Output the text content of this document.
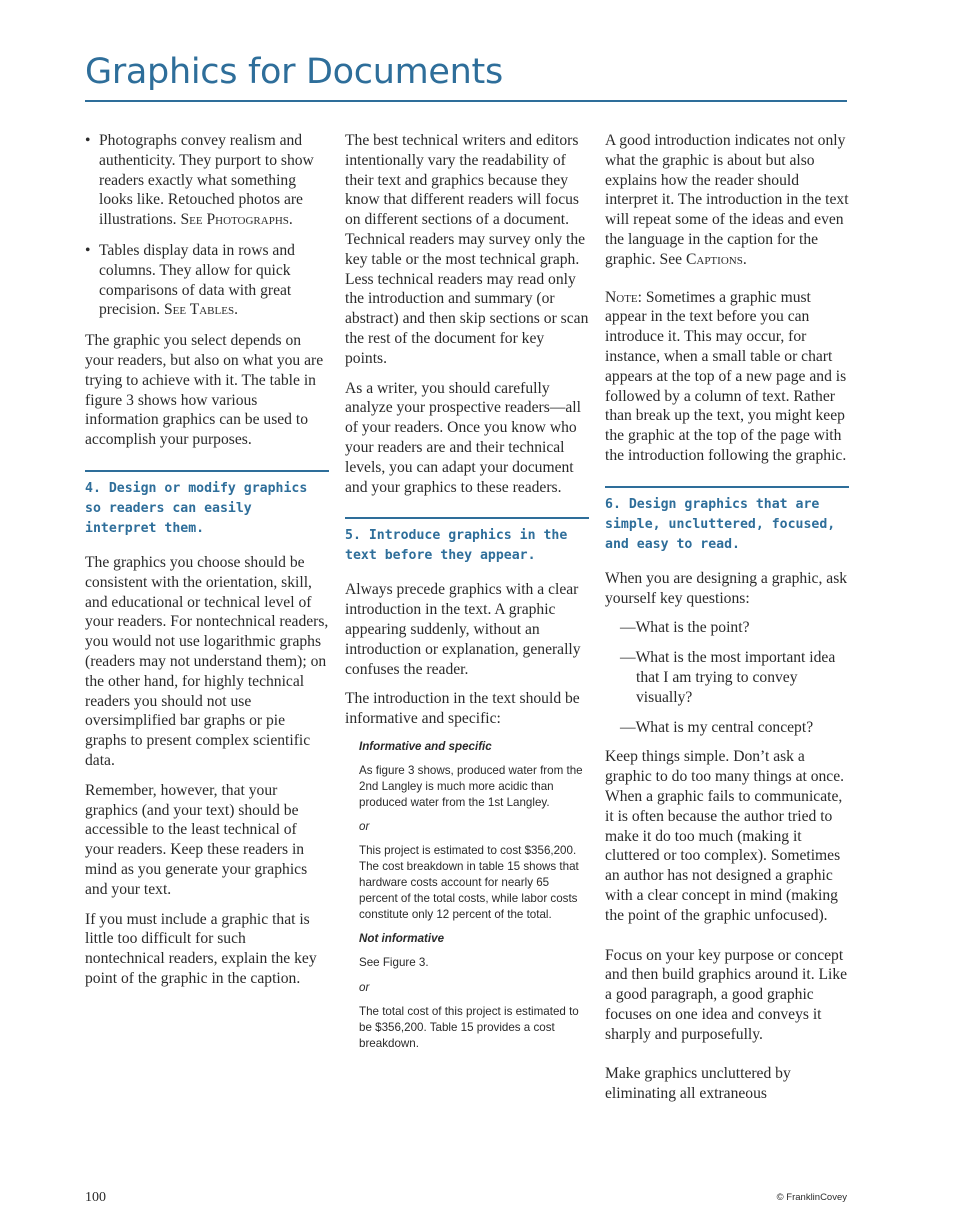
Graphics for Documents
• Photographs convey realism and authenticity. They purport to show readers exactly what something looks like. Retouched photos are illustrations. See Photographs.
• Tables display data in rows and columns. They allow for quick comparisons of data with great precision. See Tables.

The graphic you select depends on your readers, but also on what you are trying to achieve with it. The table in figure 3 shows how various information graphics can be used to accomplish your purposes.

4. Design or modify graphics so readers can easily interpret them.

The graphics you choose should be consistent with the orientation, skill, and educational or technical level of your readers. For nontechnical readers, you would not use logarithmic graphs (readers may not understand them); on the other hand, for highly technical readers you should not use oversimplified bar graphs or pie graphs to present complex scientific data.

Remember, however, that your graphics (and your text) should be accessible to the least technical of your readers. Keep these readers in mind as you generate your graphics and your text.

If you must include a graphic that is little too difficult for such nontechnical readers, explain the key point of the graphic in the caption.

The best technical writers and editors intentionally vary the readability of their text and graphics because they know that different readers will focus on different sections of a document. Technical readers may survey only the key table or the most technical graph. Less technical readers may read only the introduction and summary (or abstract) and then skip sections or scan the rest of the document for key points.

As a writer, you should carefully analyze your prospective readers—all of your readers. Once you know who your readers are and their technical levels, you can adapt your document and your graphics to these readers.

5. Introduce graphics in the text before they appear.

Always precede graphics with a clear introduction in the text. A graphic appearing suddenly, without an introduction or explanation, generally confuses the reader.

The introduction in the text should be informative and specific:

Informative and specific

As figure 3 shows, produced water from the 2nd Langley is much more acidic than produced water from the 1st Langley.

or

This project is estimated to cost $356,200. The cost breakdown in table 15 shows that hardware costs account for nearly 65 percent of the total costs, while labor costs constitute only 12 percent of the total.

Not informative

See Figure 3.

or

The total cost of this project is estimated to be $356,200. Table 15 provides a cost breakdown.

A good introduction indicates not only what the graphic is about but also explains how the reader should interpret it. The introduction in the text will repeat some of the ideas and even the language in the caption for the graphic. See Captions.

Note: Sometimes a graphic must appear in the text before you can introduce it. This may occur, for instance, when a small table or chart appears at the top of a new page and is followed by a column of text. Rather than break up the text, you might keep the graphic at the top of the page with the introduction following the graphic.

6. Design graphics that are simple, uncluttered, focused, and easy to read.

When you are designing a graphic, ask yourself key questions:

—What is the point?

—What is the most important idea that I am trying to convey visually?

—What is my central concept?

Keep things simple. Don’t ask a graphic to do too many things at once. When a graphic fails to communicate, it is often because the author tried to make it do too much (making it cluttered or too complex). Sometimes an author has not designed a graphic with a clear concept in mind (making the point of the graphic unfocused).

Focus on your key purpose or concept and then build graphics around it. Like a good paragraph, a good graphic focuses on one idea and conveys it sharply and purposefully.

Make graphics uncluttered by eliminating all extraneous

100	© FranklinCovey
